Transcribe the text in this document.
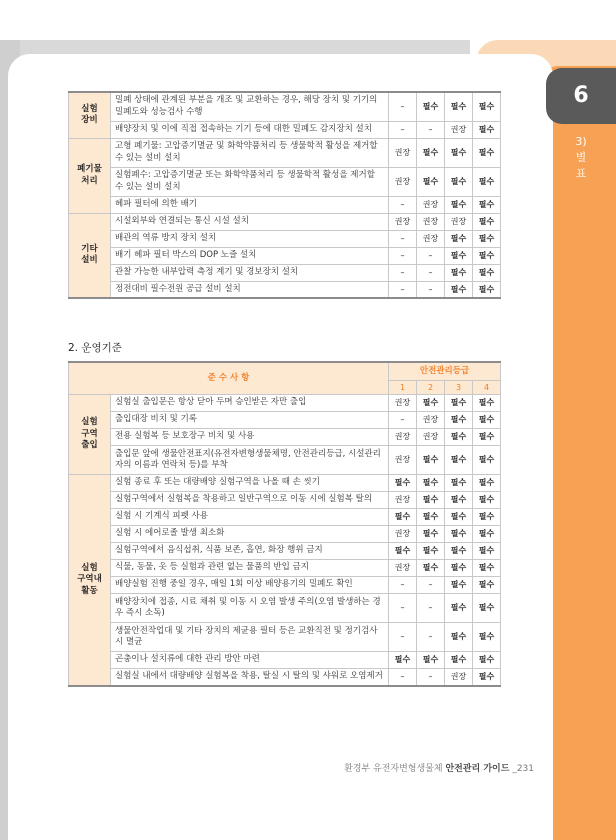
6
3)
별
표
실험
장비	밀폐 상태에 관계된 부분을 개조 및 교환하는 경우, 해당 장치 및 기기의 밀폐도와 성능검사 수행	–	필수	필수	필수
	배양장치 및 이에 직접 접속하는 기기 등에 대한 밀폐도 감지장치 설치	–	–	권장	필수

폐기물
처리	고형 폐기물: 고압증기멸균 및 화학약품처리 등 생물학적 활성을 제거할 수 있는 설비 설치	권장	필수	필수	필수
	실험폐수: 고압증기멸균 또는 화학약품처리 등 생물학적 활성을 제거할 수 있는 설비 설치	권장	필수	필수	필수
	헤파 필터에 의한 배기	–	권장	필수	필수

기타
설비	시설외부와 연결되는 통신 시설 설치	권장	권장	권장	필수
	배관의 역류 방지 장치 설치	–	권장	필수	필수
	배기 헤파 필터 박스의 DOP 노즐 설치	–	–	필수	필수
	관찰 가능한 내부압력 측정 계기 및 경보장치 설치	–	–	필수	필수
	정전대비 필수전원 공급 설비 설치	–	–	필수	필수
2. 운영기준
준 수 사 항		안전관리등급			
		1	2	3	4

실험
구역
출입	실험실 출입문은 항상 닫아 두며 승인받은 자만 출입	권장	필수	필수	필수
	출입대장 비치 및 기록	–	권장	필수	필수
	전용 실험복 등 보호장구 비치 및 사용	권장	권장	필수	필수
	출입문 앞에 생물안전표지(유전자변형생물체명, 안전관리등급, 시설관리자의 이름과 연락처 등)를 부착	권장	필수	필수	필수

실험
구역내
활동	실험 종료 후 또는 대량배양 실험구역을 나올 때 손 씻기	필수	필수	필수	필수
	실험구역에서 실험복을 착용하고 일반구역으로 이동 시에 실험복 탈의	권장	필수	필수	필수
	실험 시 기계식 피펫 사용	필수	필수	필수	필수
	실험 시 에어로졸 발생 최소화	권장	필수	필수	필수
	실험구역에서 음식섭취, 식품 보존, 흡연, 화장 행위 금지	필수	필수	필수	필수
	식물, 동물, 옷 등 실험과 관련 없는 물품의 반입 금지	권장	필수	필수	필수
	배양실험 진행 중일 경우, 매일 1회 이상 배양용기의 밀폐도 확인	–	–	필수	필수
	배양장치에 접종, 시료 채취 및 이동 시 오염 발생 주의(오염 발생하는 경우 즉시 소독)	–	–	필수	필수
	생물안전작업대 및 기타 장치의 제균용 필터 등은 교환직전 및 정기검사 시 멸균	–	–	필수	필수
	곤충이나 설치류에 대한 관리 방안 마련	필수	필수	필수	필수
	실험실 내에서 대량배양 실험복을 착용, 탈실 시 탈의 및 샤워로 오염제거	–	–	권장	필수
환경부 유전자변형생물체 안전관리 가이드 _231
